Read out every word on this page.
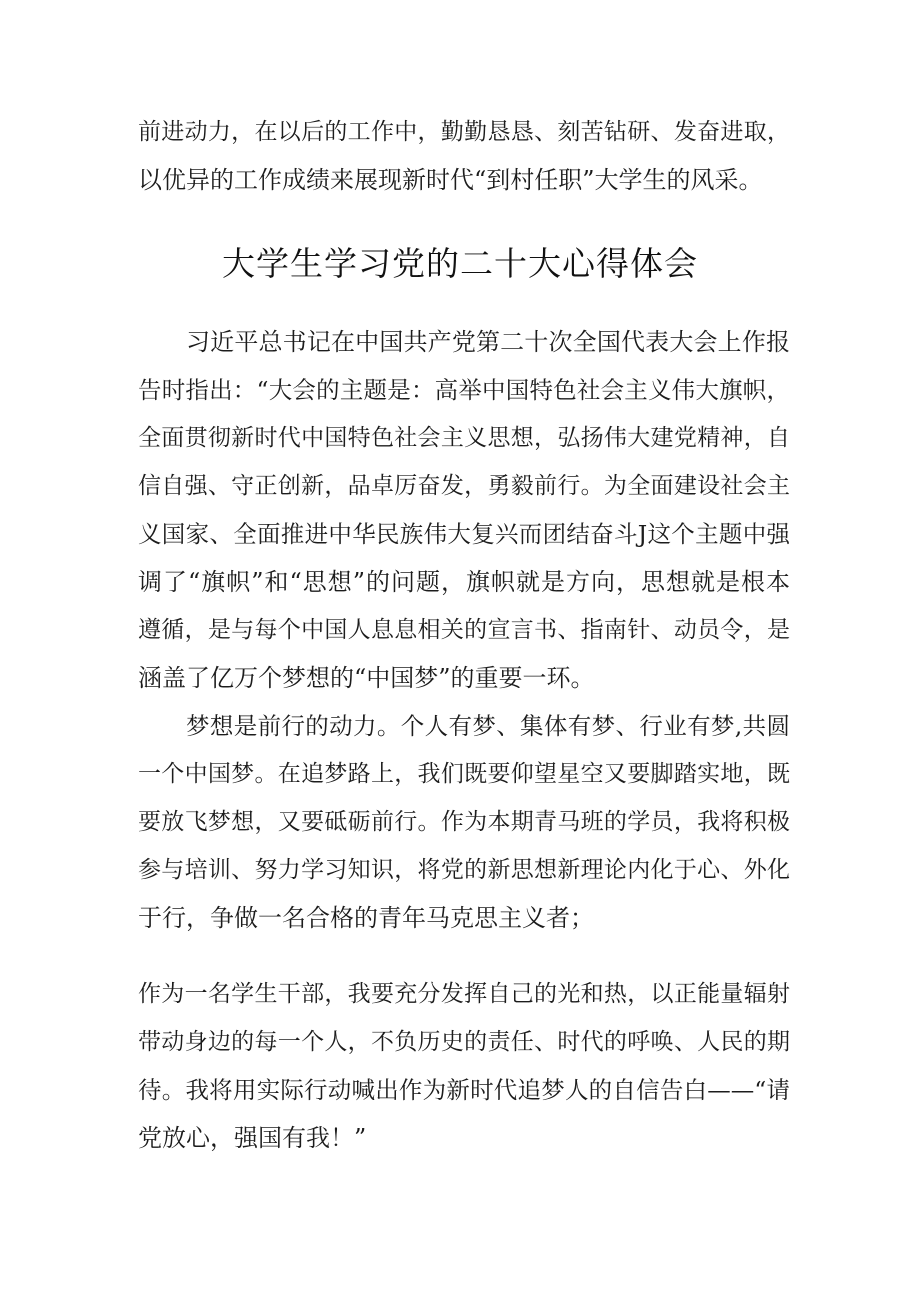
前进动力，在以后的工作中，勤勤恳恳、刻苦钻研、发奋进取，
以优异的工作成绩来展现新时代“到村任职”大学生的风采。
大学生学习党的二十大心得体会
习近平总书记在中国共产党第二十次全国代表大会上作报
告时指出：“大会的主题是：高举中国特色社会主义伟大旗帜，
全面贯彻新时代中国特色社会主义思想，弘扬伟大建党精神，自
信自强、守正创新，品卓厉奋发，勇毅前行。为全面建设社会主
义国家、全面推进中华民族伟大复兴而团结奋斗J这个主题中强
调了“旗帜”和“思想”的问题，旗帜就是方向，思想就是根本
遵循，是与每个中国人息息相关的宣言书、指南针、动员令，是
涵盖了亿万个梦想的“中国梦”的重要一环。
梦想是前行的动力。个人有梦、集体有梦、行业有梦,共圆
一个中国梦。在追梦路上，我们既要仰望星空又要脚踏实地，既
要放飞梦想，又要砥砺前行。作为本期青马班的学员，我将积极
参与培训、努力学习知识，将党的新思想新理论内化于心、外化
于行，争做一名合格的青年马克思主义者；
作为一名学生干部，我要充分发挥自己的光和热，以正能量辐射
带动身边的每一个人，不负历史的责任、时代的呼唤、人民的期
待。我将用实际行动喊出作为新时代追梦人的自信告白——“请
党放心，强国有我！”
